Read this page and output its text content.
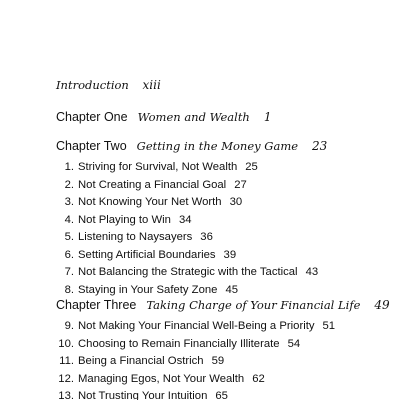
Introduction xiii
Chapter One Women and Wealth 1
Chapter Two Getting in the Money Game 23
1. Striving for Survival, Not Wealth 25
2. Not Creating a Financial Goal 27
3. Not Knowing Your Net Worth 30
4. Not Playing to Win 34
5. Listening to Naysayers 36
6. Setting Artificial Boundaries 39
7. Not Balancing the Strategic with the Tactical 43
8. Staying in Your Safety Zone 45
Chapter Three Taking Charge of Your Financial Life 49
9. Not Making Your Financial Well-Being a Priority 51
10. Choosing to Remain Financially Illiterate 54
11. Being a Financial Ostrich 59
12. Managing Egos, Not Your Wealth 62
13. Not Trusting Your Intuition 65
